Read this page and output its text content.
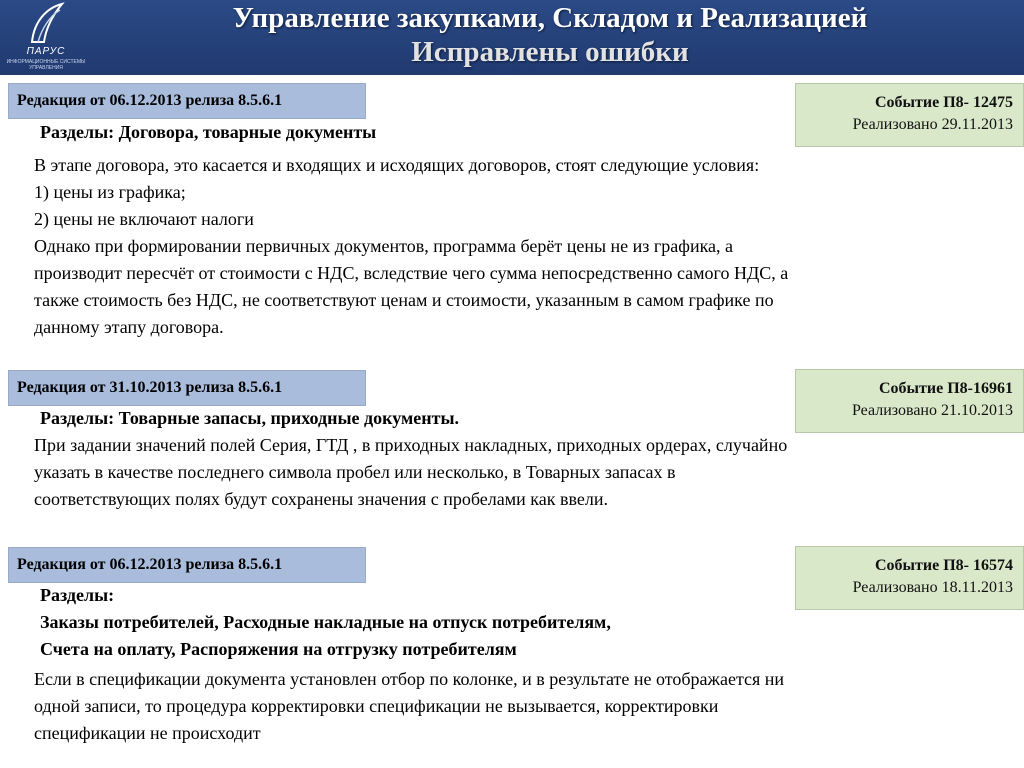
ПАРУС
ИНФОРМАЦИОННЫЕ СИСТЕМЫ УПРАВЛЕНИЯ
Управление закупками, Складом и Реализацией
Исправлены ошибки
Редакция от 06.12.2013 релиза 8.5.6.1	Событие П8- 12475
Реализовано 29.11.2013
Разделы: Договора, товарные документы
В этапе договора, это касается и входящих и исходящих договоров, стоят следующие условия:
1) цены из графика;
2) цены не включают налоги
Однако при формировании первичных документов, программа берёт цены не из графика, а
производит пересчёт от стоимости с НДС, вследствие чего сумма непосредственно самого НДС, а
также стоимость без НДС, не соответствуют ценам и стоимости, указанным в самом графике по
данному этапу договора.
Редакция от 31.10.2013 релиза 8.5.6.1	Событие П8-16961
Реализовано 21.10.2013
Разделы: Товарные запасы, приходные документы.
При задании значений полей Серия, ГТД , в приходных накладных, приходных ордерах, случайно
указать в качестве последнего символа пробел или несколько, в Товарных запасах в
соответствующих полях будут сохранены значения с пробелами как ввели.
Редакция от 06.12.2013 релиза 8.5.6.1	Событие П8- 16574
Реализовано 18.11.2013
Разделы:
Заказы потребителей, Расходные накладные на отпуск потребителям,
Счета на оплату, Распоряжения на отгрузку потребителям
Если в спецификации документа установлен отбор по колонке, и в результате не отображается ни
одной записи, то процедура корректировки спецификации не вызывается, корректировки
спецификации не происходит
